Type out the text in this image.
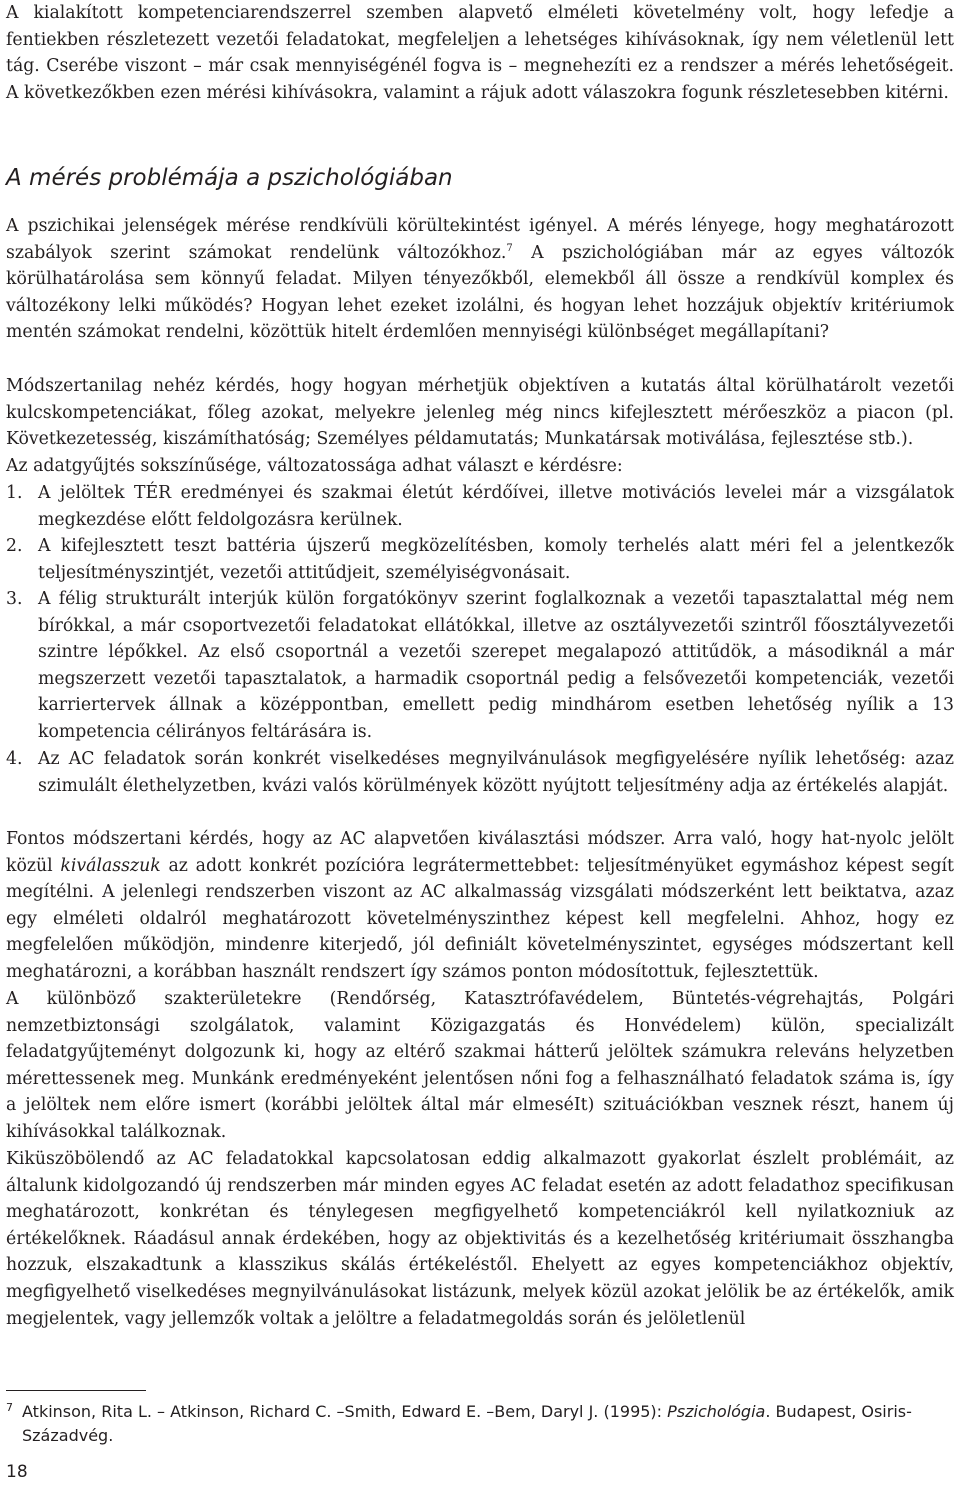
A kialakított kompetenciarendszerrel szemben alapvető elméleti követelmény volt, hogy lefedje a fentiekben részletezett vezetői feladatokat, megfeleljen a lehetséges kihívásoknak, így nem véletlenül lett tág. Cserébe viszont – már csak mennyiségénél fogva is – megnehezíti ez a rendszer a mérés lehetőségeit. A következőkben ezen mérési kihívásokra, valamint a rájuk adott válaszokra fogunk részletesebben kitérni.

A mérés problémája a pszichológiában

A pszichikai jelenségek mérése rendkívüli körültekintést igényel. A mérés lényege, hogy meghatározott szabályok szerint számokat rendelünk változókhoz.$^7$ A pszichológiában már az egyes változók körülhatárolása sem könnyű feladat. Milyen tényezőkből, elemekből áll össze a rendkívül komplex és változékony lelki működés? Hogyan lehet ezeket izolálni, és hogyan lehet hozzájuk objektív kritériumok mentén számokat rendelni, közöttük hitelt érdemlően mennyiségi különbséget megállapítani?

Módszertanilag nehéz kérdés, hogy hogyan mérhetjük objektíven a kutatás által körülhatárolt vezetői kulcskompetenciákat, főleg azokat, melyekre jelenleg még nincs kifejlesztett mérőeszköz a piacon (pl. Következetesség, kiszámíthatóság; Személyes példamutatás; Munkatársak motiválása, fejlesztése stb.).

Az adatgyűjtés sokszínűsége, változatossága adhat választ e kérdésre:

1. A jelöltek TÉR eredményei és szakmai életút kérdőívei, illetve motivációs levelei már a vizsgálatok megkezdése előtt feldolgozásra kerülnek.
2. A kifejlesztett teszt battéria újszerű megközelítésben, komoly terhelés alatt méri fel a jelentkezők teljesítményszintjét, vezetői attitűdjeit, személyiségvonásait.
3. A félig strukturált interjúk külön forgatókönyv szerint foglalkoznak a vezetői tapasztalattal még nem bírókkal, a már csoportvezetői feladatokat ellátókkal, illetve az osztályvezetői szintről főosztályvezetői szintre lépőkkel. Az első csoportnál a vezetői szerepet megalapozó attitűdök, a másodiknál a már megszerzett vezetői tapasztalatok, a harmadik csoportnál pedig a felsővezetői kompetenciák, vezetői karriertervek állnak a középpontban, emellett pedig mindhárom esetben lehetőség nyílik a 13 kompetencia célirányos feltárására is.
4. Az AC feladatok során konkrét viselkedéses megnyilvánulások megfigyelésére nyílik lehetőség: azaz szimulált élethelyzetben, kvázi valós körülmények között nyújtott teljesítmény adja az értékelés alapját.

Fontos módszertani kérdés, hogy az AC alapvetően kiválasztási módszer. Arra való, hogy hat-nyolc jelölt közül kiválasszuk az adott konkrét pozícióra legrátermettebbet: teljesítményüket egymáshoz képest segít megítélni. A jelenlegi rendszerben viszont az AC alkalmasság vizsgálati módszerként lett beiktatva, azaz egy elméleti oldalról meghatározott követelményszinthez képest kell megfelelni. Ahhoz, hogy ez megfelelően működjön, mindenre kiterjedő, jól definiált követelményszintet, egységes módszertant kell meghatározni, a korábban használt rendszert így számos ponton módosítottuk, fejlesztettük.

A különböző szakterületekre (Rendőrség, Katasztrófavédelem, Büntetés-végrehajtás, Polgári nemzetbiztonsági szolgálatok, valamint Közigazgatás és Honvédelem) külön, specializált feladatgyűjteményt dolgozunk ki, hogy az eltérő szakmai hátterű jelöltek számukra releváns helyzetben mérettessenek meg. Munkánk eredményeként jelentősen nőni fog a felhasználható feladatok száma is, így a jelöltek nem előre ismert (korábbi jelöltek által már elmeséIt) szituációkban vesznek részt, hanem új kihívásokkal találkoznak.

Kiküszöbölendő az AC feladatokkal kapcsolatosan eddig alkalmazott gyakorlat észlelt problémáit, az általunk kidolgozandó új rendszerben már minden egyes AC feladat esetén az adott feladathoz specifikusan meghatározott, konkrétan és ténylegesen megfigyelhető kompetenciákról kell nyilatkozniuk az értékelőknek. Ráadásul annak érdekében, hogy az objektivitás és a kezelhetőség kritériumait összhangba hozzuk, elszakadtunk a klasszikus skálás értékeléstől. Ehelyett az egyes kompetenciákhoz objektív, megfigyelhető viselkedéses megnyilvánulásokat listázunk, melyek közül azokat jelölik be az értékelők, amik megjelentek, vagy jellemzők voltak a jelöltre a feladatmegoldás során és jelöletlenül

7 Atkinson, Rita L. – Atkinson, Richard C. –Smith, Edward E. –Bem, Daryl J. (1995): Pszichológia. Budapest, Osiris-Századvég.
18
